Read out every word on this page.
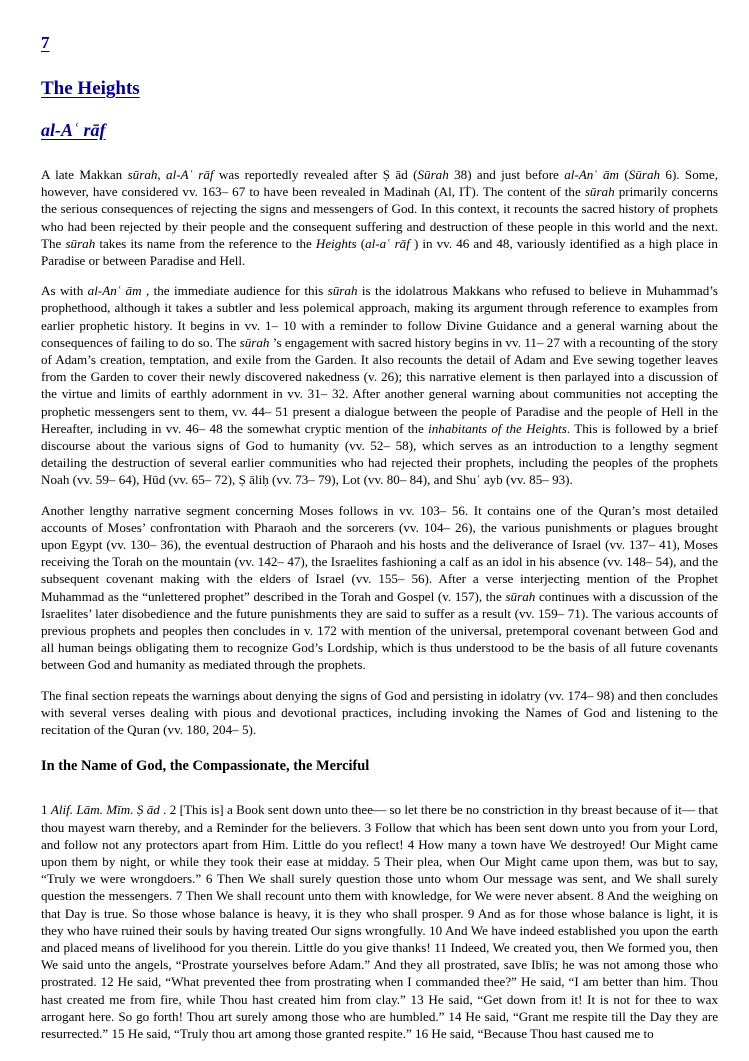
7
The Heights
al-Aʿ rāf

A late Makkan sūrah, al-Aʿ rāf was reportedly revealed after Ṣ ād (Sūrah 38) and just before al-Anʿ ām (Sūrah 6). Some, however, have considered vv. 163– 67 to have been revealed in Madinah (Al, IṪ). The content of the sūrah primarily concerns the serious consequences of rejecting the signs and messengers of God. In this context, it recounts the sacred history of prophets who had been rejected by their people and the consequent suffering and destruction of these people in this world and the next. The sūrah takes its name from the reference to the Heights (al-aʿ rāf ) in vv. 46 and 48, variously identified as a high place in Paradise or between Paradise and Hell.

As with al-Anʿ ām , the immediate audience for this sūrah is the idolatrous Makkans who refused to believe in Muhammad’s prophethood, although it takes a subtler and less polemical approach, making its argument through reference to examples from earlier prophetic history. It begins in vv. 1– 10 with a reminder to follow Divine Guidance and a general warning about the consequences of failing to do so. The sūrah ’s engagement with sacred history begins in vv. 11– 27 with a recounting of the story of Adam’s creation, temptation, and exile from the Garden. It also recounts the detail of Adam and Eve sewing together leaves from the Garden to cover their newly discovered nakedness (v. 26); this narrative element is then parlayed into a discussion of the virtue and limits of earthly adornment in vv. 31– 32. After another general warning about communities not accepting the prophetic messengers sent to them, vv. 44– 51 present a dialogue between the people of Paradise and the people of Hell in the Hereafter, including in vv. 46– 48 the somewhat cryptic mention of the inhabitants of the Heights. This is followed by a brief discourse about the various signs of God to humanity (vv. 52– 58), which serves as an introduction to a lengthy segment detailing the destruction of several earlier communities who had rejected their prophets, including the peoples of the prophets Noah (vv. 59– 64), Hūd (vv. 65– 72), Ṣ āliḥ (vv. 73– 79), Lot (vv. 80– 84), and Shuʿ ayb (vv. 85– 93).

Another lengthy narrative segment concerning Moses follows in vv. 103– 56. It contains one of the Quran’s most detailed accounts of Moses’ confrontation with Pharaoh and the sorcerers (vv. 104– 26), the various punishments or plagues brought upon Egypt (vv. 130– 36), the eventual destruction of Pharaoh and his hosts and the deliverance of Israel (vv. 137– 41), Moses receiving the Torah on the mountain (vv. 142– 47), the Israelites fashioning a calf as an idol in his absence (vv. 148– 54), and the subsequent covenant making with the elders of Israel (vv. 155– 56). After a verse interjecting mention of the Prophet Muhammad as the “unlettered prophet” described in the Torah and Gospel (v. 157), the sūrah continues with a discussion of the Israelites’ later disobedience and the future punishments they are said to suffer as a result (vv. 159– 71). The various accounts of previous prophets and peoples then concludes in v. 172 with mention of the universal, pretemporal covenant between God and all human beings obligating them to recognize God’s Lordship, which is thus understood to be the basis of all future covenants between God and humanity as mediated through the prophets.

The final section repeats the warnings about denying the signs of God and persisting in idolatry (vv. 174– 98) and then concludes with several verses dealing with pious and devotional practices, including invoking the Names of God and listening to the recitation of the Quran (vv. 180, 204– 5).

In the Name of God, the Compassionate, the Merciful

1 Alif. Lām. Mīm. Ṣ ād . 2 [This is] a Book sent down unto thee— so let there be no constriction in thy breast because of it— that thou mayest warn thereby, and a Reminder for the believers. 3 Follow that which has been sent down unto you from your Lord, and follow not any protectors apart from Him. Little do you reflect! 4 How many a town have We destroyed! Our Might came upon them by night, or while they took their ease at midday. 5 Their plea, when Our Might came upon them, was but to say, “Truly we were wrongdoers.” 6 Then We shall surely question those unto whom Our message was sent, and We shall surely question the messengers. 7 Then We shall recount unto them with knowledge, for We were never absent. 8 And the weighing on that Day is true. So those whose balance is heavy, it is they who shall prosper. 9 And as for those whose balance is light, it is they who have ruined their souls by having treated Our signs wrongfully. 10 And We have indeed established you upon the earth and placed means of livelihood for you therein. Little do you give thanks! 11 Indeed, We created you, then We formed you, then We said unto the angels, “Prostrate yourselves before Adam.” And they all prostrated, save Iblīs; he was not among those who prostrated. 12 He said, “What prevented thee from prostrating when I commanded thee?” He said, “I am better than him. Thou hast created me from fire, while Thou hast created him from clay.” 13 He said, “Get down from it! It is not for thee to wax arrogant here. So go forth! Thou art surely among those who are humbled.” 14 He said, “Grant me respite till the Day they are resurrected.” 15 He said, “Truly thou art among those granted respite.” 16 He said, “Because Thou hast caused me to
